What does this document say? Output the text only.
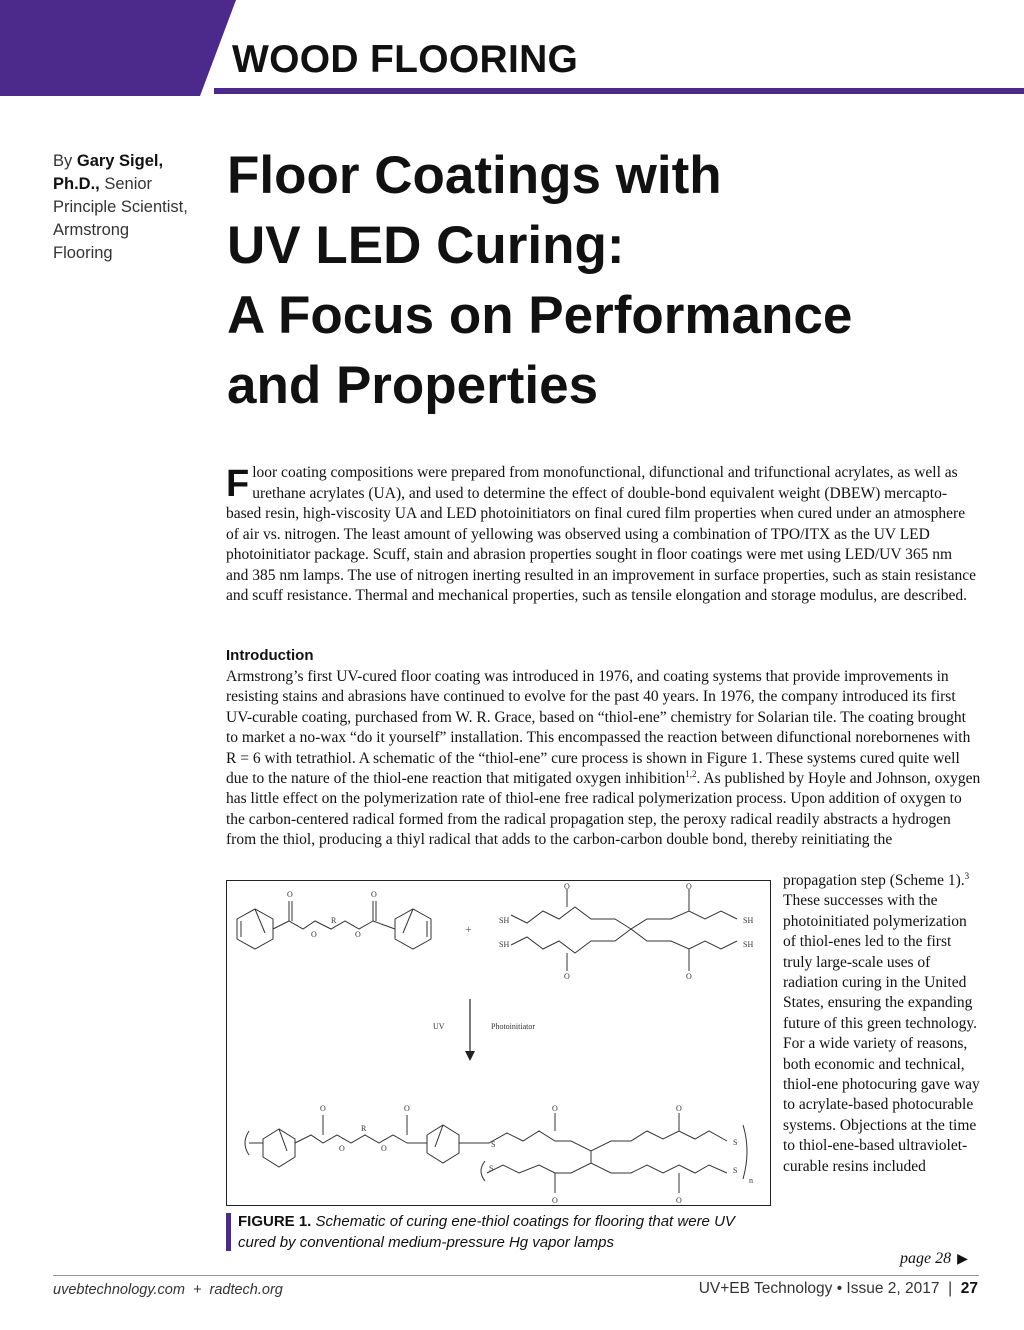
WOOD FLOORING
By Gary Sigel,
Ph.D., Senior
Principle Scientist,
Armstrong
Flooring
Floor Coatings with
UV LED Curing:
A Focus on Performance
and Properties

Floor coating compositions were prepared from monofunctional, difunctional and trifunctional acrylates, as well as urethane acrylates (UA), and used to determine the effect of double-bond equivalent weight (DBEW) mercapto-based resin, high-viscosity UA and LED photoinitiators on final cured film properties when cured under an atmosphere of air vs. nitrogen. The least amount of yellowing was observed using a combination of TPO/ITX as the UV LED photoinitiator package. Scuff, stain and abrasion properties sought in floor coatings were met using LED/UV 365 nm and 385 nm lamps. The use of nitrogen inerting resulted in an improvement in surface properties, such as stain resistance and scuff resistance. Thermal and mechanical properties, such as tensile elongation and storage modulus, are described.

Introduction

Armstrong’s first UV-cured floor coating was introduced in 1976, and coating systems that provide improvements in resisting stains and abrasions have continued to evolve for the past 40 years. In 1976, the company introduced its first UV-curable coating, purchased from W. R. Grace, based on “thiol-ene” chemistry for Solarian tile. The coating brought to market a no-wax “do it yourself” installation. This encompassed the reaction between difunctional norebornenes with R = 6 with tetrathiol. A schematic of the “thiol-ene” cure process is shown in Figure 1. These systems cured quite well due to the nature of the thiol-ene reaction that mitigated oxygen inhibition$^{1,2}$. As published by Hoyle and Johnson, oxygen has little effect on the polymerization rate of thiol-ene free radical polymerization process. Upon addition of oxygen to the carbon-centered radical formed from the radical propagation step, the peroxy radical readily abstracts a hydrogen from the thiol, producing a thiyl radical that adds to the carbon-carbon double bond, thereby reinitiating the

propagation step (Scheme 1).$^3$ These successes with the photoinitiated polymerization of thiol-enes led to the first truly large-scale uses of radiation curing in the United States, ensuring the expanding future of this green technology. For a wide variety of reasons, both economic and technical, thiol-ene photocuring gave way to acrylate-based photocurable systems. Objections at the time to thiol-ene-based ultraviolet-curable resins included

O	O
O	O
R
+
SH
SH
SH
SH
O
O
O
O
UV	Photoinitiator
O	O
O	O
R
S
S
S
S
O
O
O
O
n
FIGURE 1. Schematic of curing ene-thiol coatings for flooring that were UV cured by conventional medium-pressure Hg vapor lamps
page 28 ▶
uvebtechnology.com  +  radtech.org	UV+EB Technology • Issue 2, 2017  |  27
